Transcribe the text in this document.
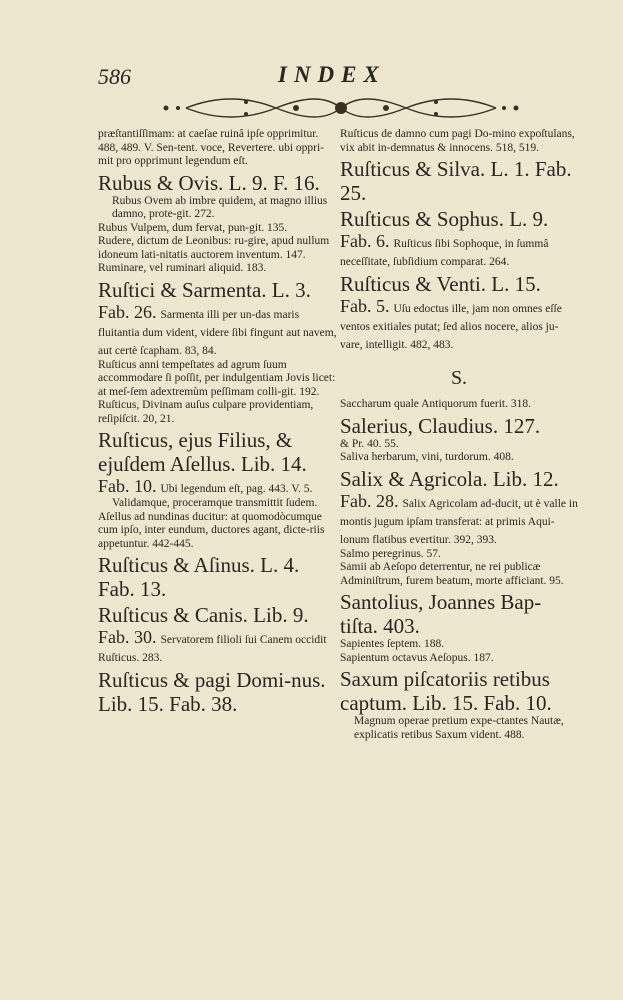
586	INDEX
præſtantiſſimam: at caeſae ruinâ ipſe opprimitur. 488, 489. V. Sen-tent. voce, Revertere. ubi oppri-mit pro opprimunt legendum eſt.
Rubus & Ovis. L. 9. F. 16.
Rubus Ovem ab imbre quidem, at magno illius damno, prote-git. 272.
Rubus Vulpem, dum fervat, pun-git. 135.
Rudere, dictum de Leonibus: ru-gire, apud nullum idoneum lati-nitatis auctorem inventum. 147.
Ruminare, vel ruminari aliquid. 183.
Ruſtici & Sarmenta. L. 3.
Fab. 26. Sarmenta illi per un-das maris fluitantia dum vident, videre ſibi fingunt aut navem, aut certè ſcapham. 83, 84.
Ruſticus anni tempeſtates ad agrum ſuum accommodare ſi poſſit, per indulgentiam Jovis licet: at meſ-ſem adextremùm peſſimam colli-git. 192.
Ruſticus, Divinam auſus culpare providentiam, reſipiſcit. 20, 21.
Ruſticus, ejus Filius, & ejuſdem Aſellus. Lib. 14.
Fab. 10. Ubi legendum eſt, pag. 443. V. 5.
Validamque, proceramque transmittit ſudem.
Aſellus ad nundinas ducitur: at quomodòcumque cum ipſo, inter eundum, ductores agant, dicte-riis appetuntur. 442-445.
Ruſticus & Aſinus. L. 4. Fab. 13.
Ruſticus & Canis. Lib. 9.
Fab. 30. Servatorem filioli ſui Canem occidit Ruſticus. 283.
Ruſticus & pagi Domi-nus. Lib. 15. Fab. 38.
Ruſticus de damno cum pagi Do-mino expoſtulans, vix abit in-demnatus & innocens. 518, 519.
Ruſticus & Silva. L. 1. Fab. 25.
Ruſticus & Sophus. L. 9.
Fab. 6. Ruſticus ſibi Sophoque, in ſummâ neceſſitate, ſubſidium comparat. 264.
Ruſticus & Venti. L. 15.
Fab. 5. Uſu edoctus ille, jam non omnes eſſe ventos exitiales putat; ſed alios nocere, alios ju-vare, intelligit. 482, 483.
S.
Saccharum quale Antiquorum fuerit. 318.
Salerius, Claudius. 127.
& Pr. 40. 55.
Saliva herbarum, vini, turdorum. 408.
Salix & Agricola. Lib. 12.
Fab. 28. Salix Agricolam ad-ducit, ut è valle in montis jugum ipſam transferat: at primis Aqui-lonum flatibus evertitur. 392, 393.
Salmo peregrinus. 57.
Samii ab Aeſopo deterrentur, ne rei publicæ Adminiſtrum, furem beatum, morte afficiant. 95.
Santolius, Joannes Bap-tiſta. 403.
Sapientes ſeptem. 188.
Sapientum octavus Aeſopus. 187.
Saxum piſcatoriis retibus captum. Lib. 15. Fab. 10.
Magnum operae pretium expe-ctantes Nautæ, explicatis retibus Saxum vident. 488.
